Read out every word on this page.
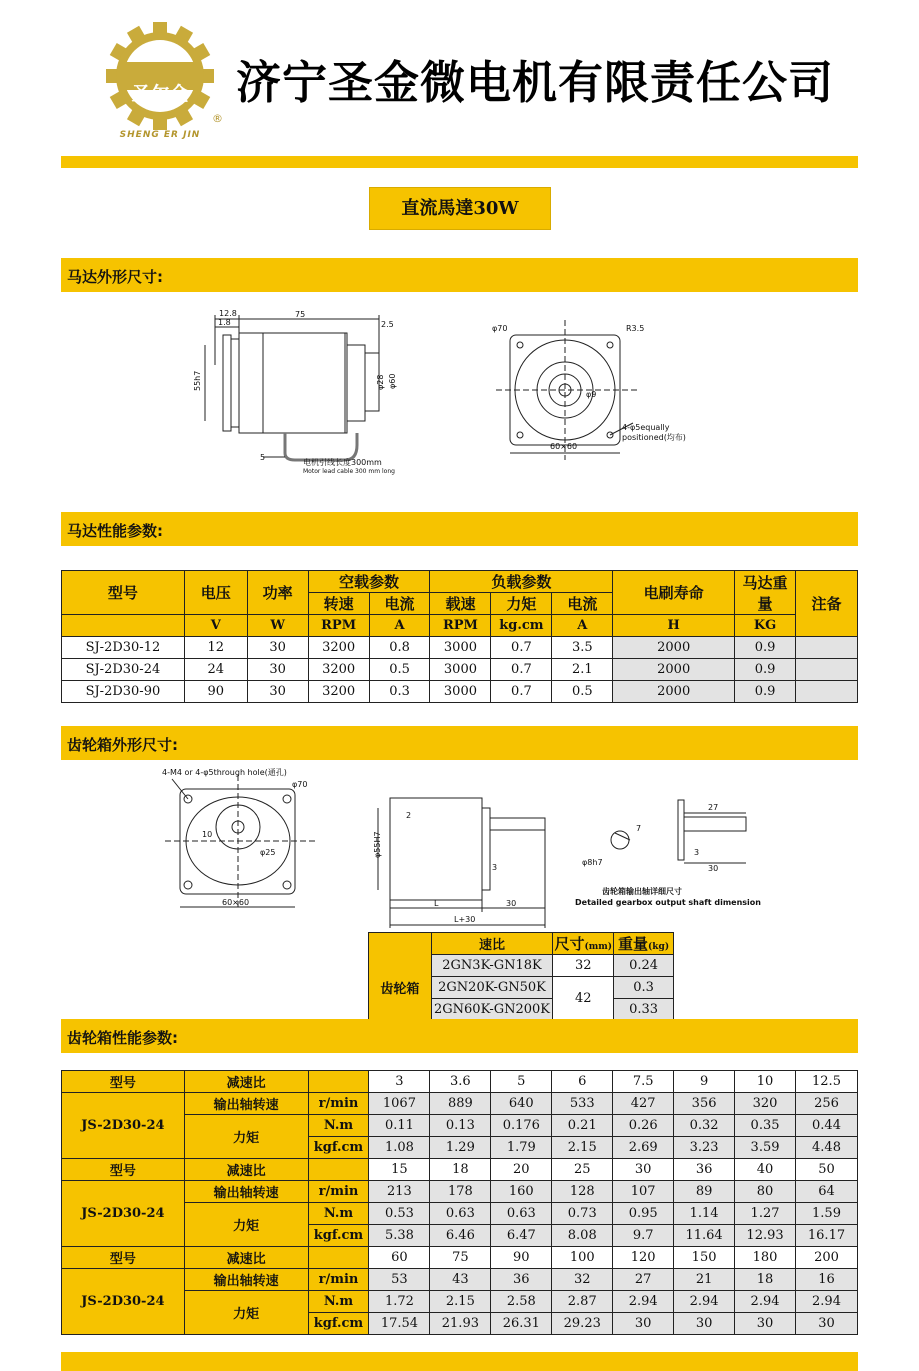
圣尔金
SHENG ER JIN
®
济宁圣金微电机有限责任公司
直流馬達30W
马达外形尺寸:
12.8
1.8
75
2.5
55h7	φ28 φ60
5
电机引线长度300mm
Motor lead cable 300 mm long
φ70	R3.5
φ9
60×60
4-φ5equally
positioned(均布)
马达性能参数:
型号	电压	功率	空载参数		负载参数			电刷寿命	马达重量	注备
			转速	电流	载速	力矩	电流			
	V	W	RPM	A	RPM	kg.cm	A	H	KG	
SJ-2D30-12	12	30	3200	0.8	3000	0.7	3.5	2000	0.9	
SJ-2D30-24	24	30	3200	0.5	3000	0.7	2.1	2000	0.9	
SJ-2D30-90	90	30	3200	0.3	3000	0.7	0.5	2000	0.9	
齿轮箱外形尺寸:
4-M4 or 4-φ5through hole(通孔)
φ70
10
φ25
60×60
φ55H7
2
3
L	30
L+30
27
3
30
7
φ8h7
齿轮箱输出轴详细尺寸
Detailed gearbox output shaft dimension
	速比	尺寸(mm)	重量(kg)
齿轮箱	2GN3K-GN18K	32	0.24
	2GN20K-GN50K	42	0.3
	2GN60K-GN200K		0.33
齿轮箱性能参数:
型号	减速比		3	3.6	5	6	7.5	9	10	12.5
JS-2D30-24	输出轴转速	r/min	1067	889	640	533	427	356	320	256
	力矩	N.m	0.11	0.13	0.176	0.21	0.26	0.32	0.35	0.44
		kgf.cm	1.08	1.29	1.79	2.15	2.69	3.23	3.59	4.48
型号	减速比		15	18	20	25	30	36	40	50
JS-2D30-24	输出轴转速	r/min	213	178	160	128	107	89	80	64
	力矩	N.m	0.53	0.63	0.63	0.73	0.95	1.14	1.27	1.59
		kgf.cm	5.38	6.46	6.47	8.08	9.7	11.64	12.93	16.17
型号	减速比		60	75	90	100	120	150	180	200
JS-2D30-24	输出轴转速	r/min	53	43	36	32	27	21	18	16
	力矩	N.m	1.72	2.15	2.58	2.87	2.94	2.94	2.94	2.94
		kgf.cm	17.54	21.93	26.31	29.23	30	30	30	30
